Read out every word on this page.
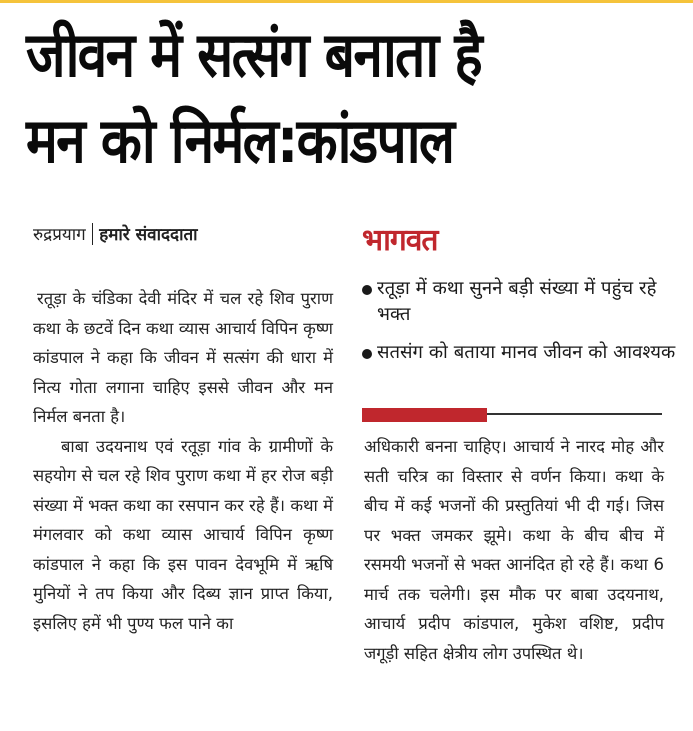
जीवन में सत्संग बनाता है
मन को निर्मल:कांडपाल
रुद्रप्रयाग हमारे संवाददाता

रतूड़ा के चंडिका देवी मंदिर में चल रहे शिव पुराण कथा के छटवें दिन कथा व्यास आचार्य विपिन कृष्ण कांडपाल ने कहा कि जीवन में सत्संग की धारा में नित्य गोता लगाना चाहिए इससे जीवन और मन निर्मल बनता है।

बाबा उदयनाथ एवं रतूड़ा गांव के ग्रामीणों के सहयोग से चल रहे शिव पुराण कथा में हर रोज बड़ी संख्या में भक्त कथा का रसपान कर रहे हैं। कथा में मंगलवार को कथा व्यास आचार्य विपिन कृष्ण कांडपाल ने कहा कि इस पावन देवभूमि में ऋषि मुनियों ने तप किया और दिब्य ज्ञान प्राप्त किया, इसलिए हमें भी पुण्य फल पाने का

भागवत
रतूड़ा में कथा सुनने बड़ी संख्या में पहुंच रहे भक्त
सतसंग को बताया मानव जीवन को आवश्यक

अधिकारी बनना चाहिए। आचार्य ने नारद मोह और सती चरित्र का विस्तार से वर्णन किया। कथा के बीच में कई भजनों की प्रस्तुतियां भी दी गई। जिस पर भक्त जमकर झूमे। कथा के बीच बीच में रसमयी भजनों से भक्त आनंदित हो रहे हैं। कथा 6 मार्च तक चलेगी। इस मौक पर बाबा उदयनाथ, आचार्य प्रदीप कांडपाल, मुकेश वशिष्ट, प्रदीप जगूड़ी सहित क्षेत्रीय लोग उपस्थित थे।
